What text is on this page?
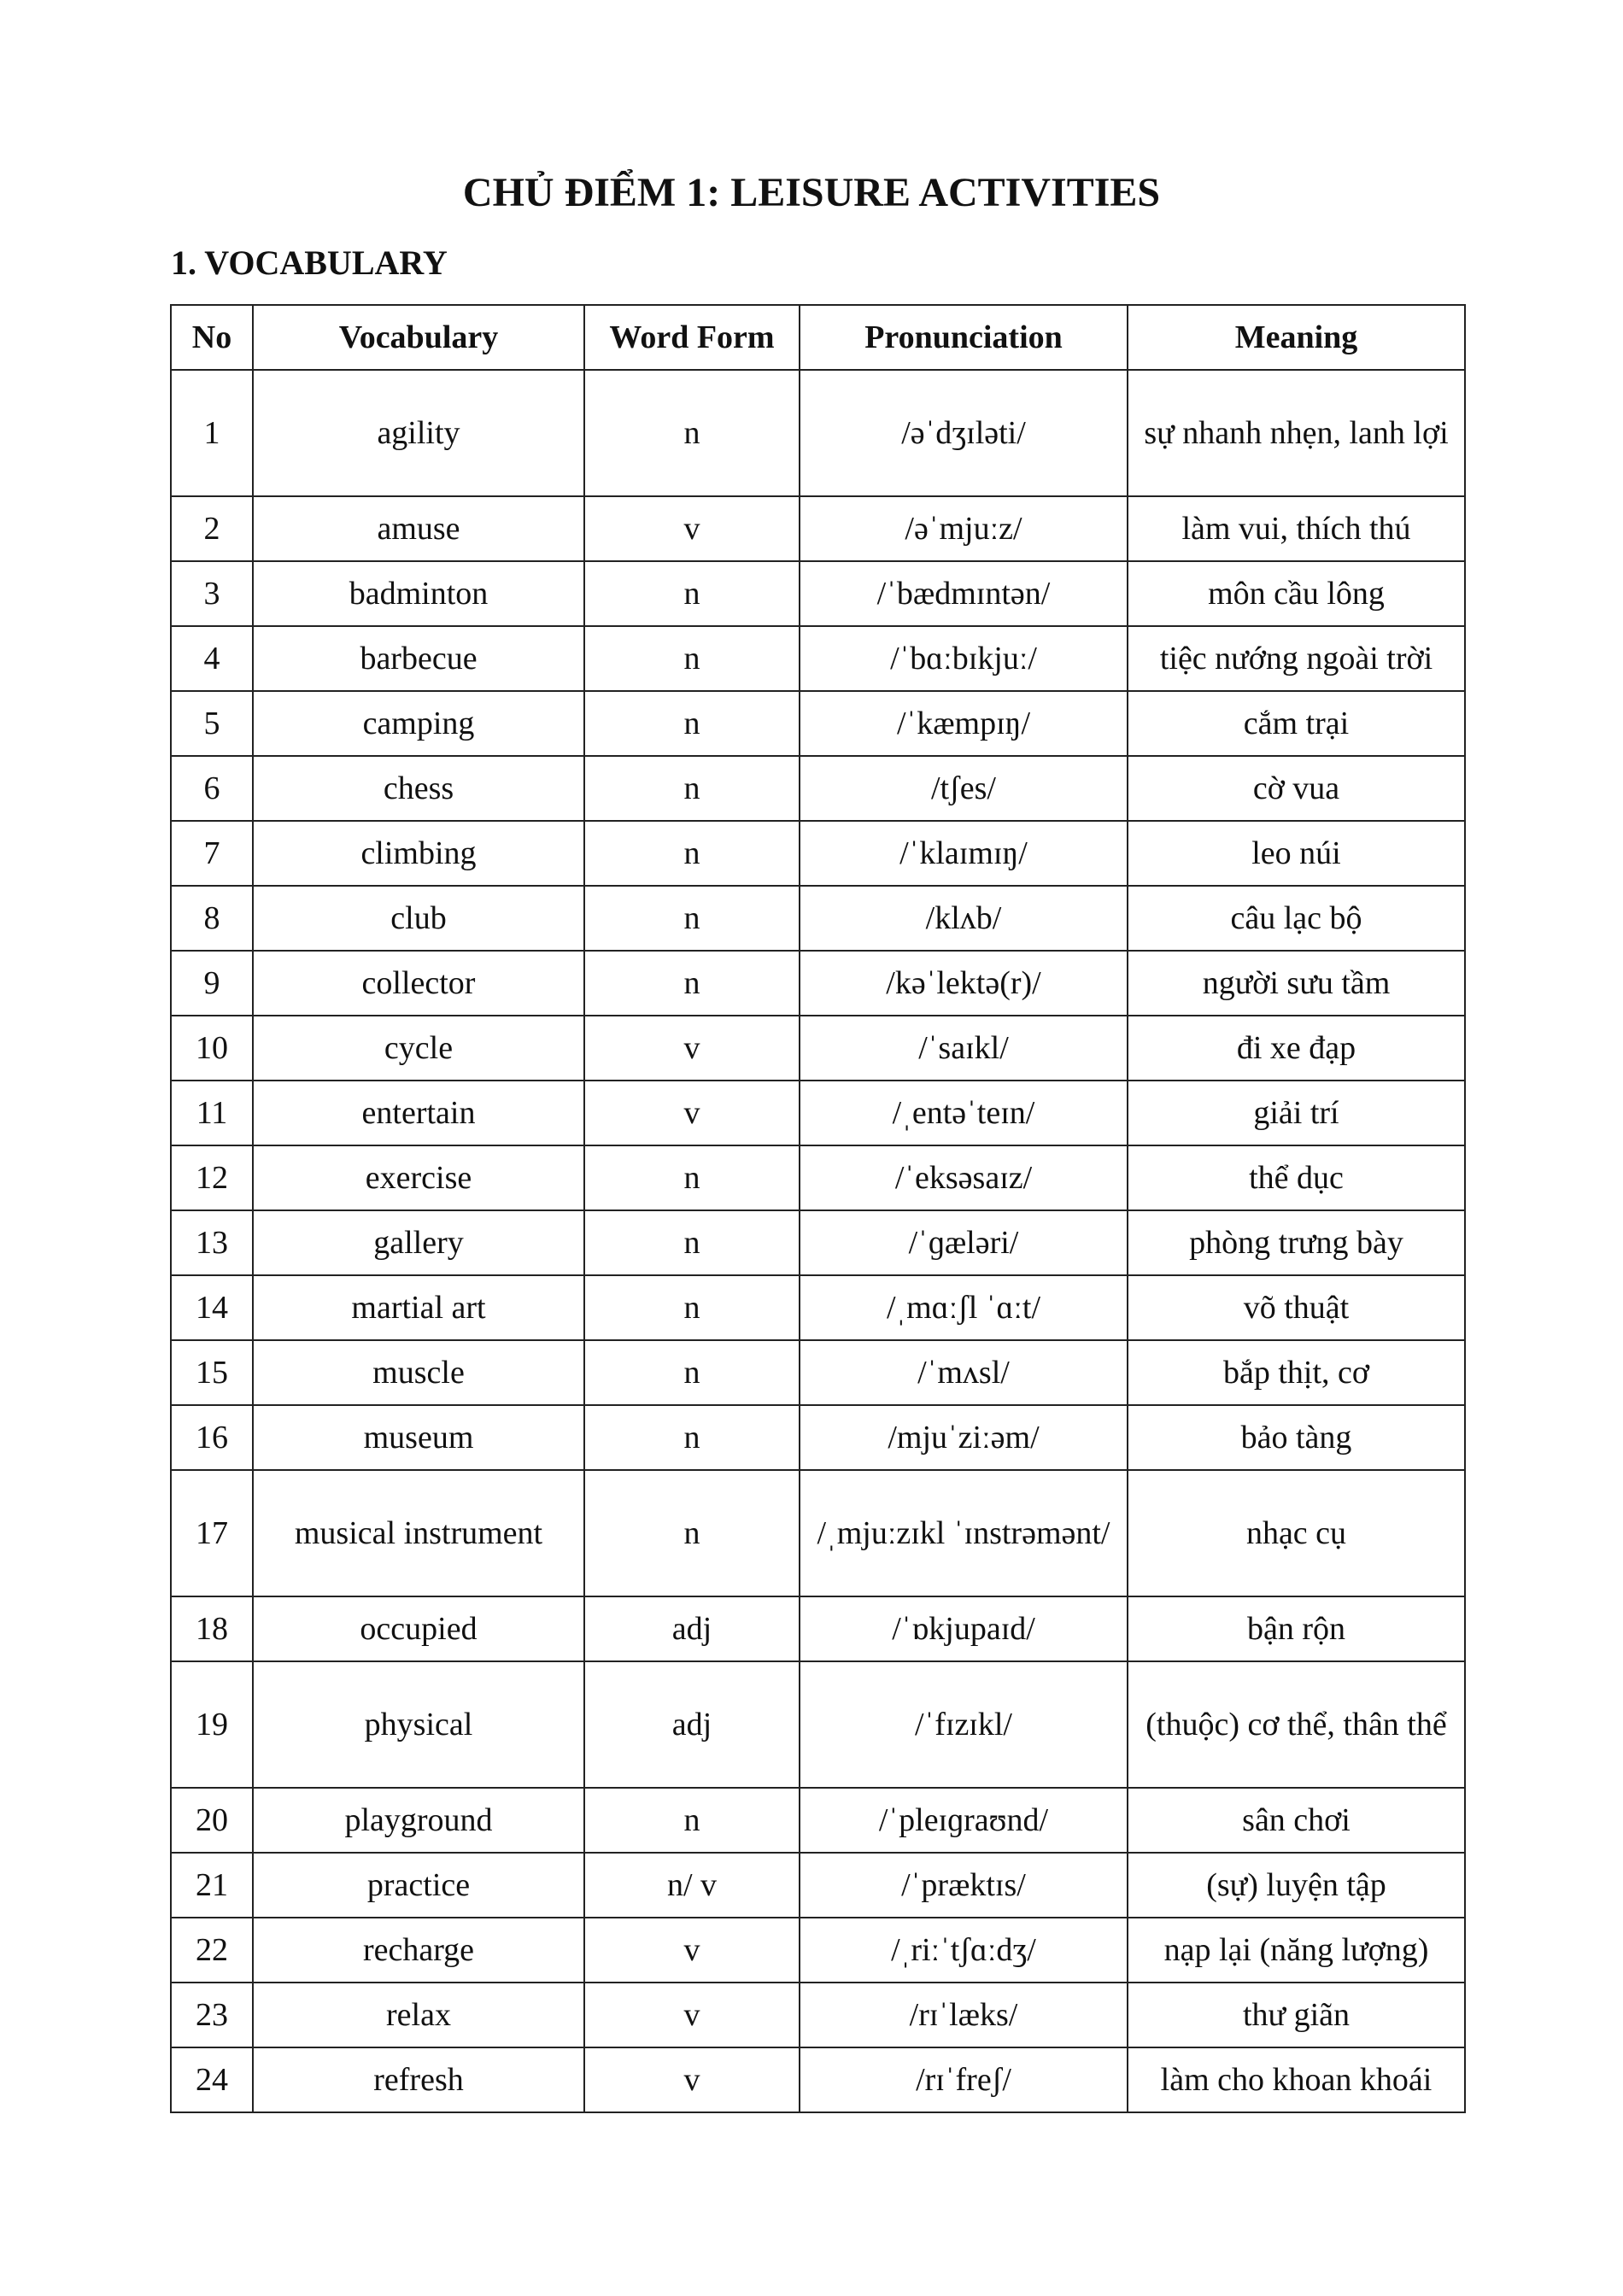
CHỦ ĐIỂM 1: LEISURE ACTIVITIES
1. VOCABULARY
No	Vocabulary	Word Form	Pronunciation	Meaning
1	agility	n	/əˈdʒɪləti/	sự nhanh nhẹn, lanh lợi
2	amuse	v	/əˈmjuːz/	làm vui, thích thú
3	badminton	n	/ˈbædmɪntən/	môn cầu lông
4	barbecue	n	/ˈbɑːbɪkjuː/	tiệc nướng ngoài trời
5	camping	n	/ˈkæmpɪŋ/	cắm trại
6	chess	n	/tʃes/	cờ vua
7	climbing	n	/ˈklaɪmɪŋ/	leo núi
8	club	n	/klʌb/	câu lạc bộ
9	collector	n	/kəˈlektə(r)/	người sưu tầm
10	cycle	v	/ˈsaɪkl/	đi xe đạp
11	entertain	v	/ˌentəˈteɪn/	giải trí
12	exercise	n	/ˈeksəsaɪz/	thể dục
13	gallery	n	/ˈɡæləri/	phòng trưng bày
14	martial art	n	/ˌmɑːʃl ˈɑːt/	võ thuật
15	muscle	n	/ˈmʌsl/	bắp thịt, cơ
16	museum	n	/mjuˈziːəm/	bảo tàng
17	musical instrument	n	/ˌmjuːzɪkl ˈɪnstrəmənt/	nhạc cụ
18	occupied	adj	/ˈɒkjupaɪd/	bận rộn
19	physical	adj	/ˈfɪzɪkl/	(thuộc) cơ thể, thân thể
20	playground	n	/ˈpleɪɡraʊnd/	sân chơi
21	practice	n/ v	/ˈpræktɪs/	(sự) luyện tập
22	recharge	v	/ˌriːˈtʃɑːdʒ/	nạp lại (năng lượng)
23	relax	v	/rɪˈlæks/	thư giãn
24	refresh	v	/rɪˈfreʃ/	làm cho khoan khoái
